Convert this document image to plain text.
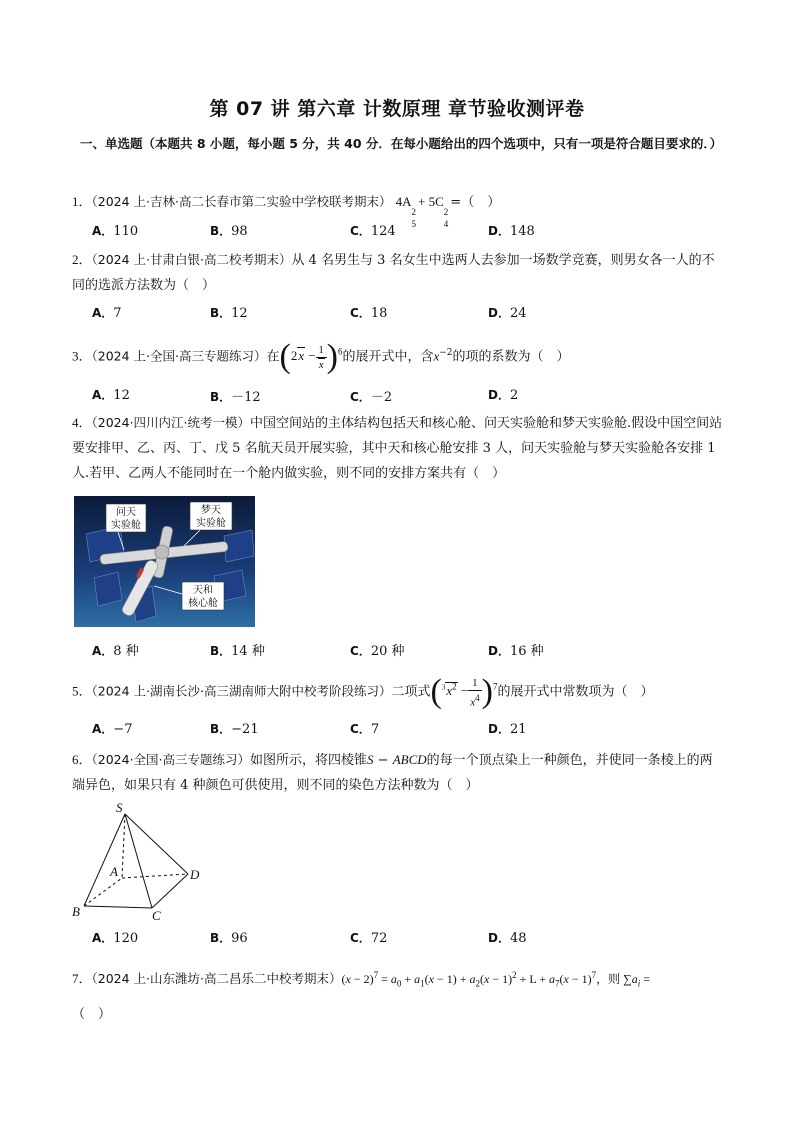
第 07 讲 第六章 计数原理 章节验收测评卷
一、单选题（本题共 8 小题，每小题 5 分，共 40 分．在每小题给出的四个选项中，只有一项是符合题目要求的．）
1．（2024 上·吉林·高二长春市第二实验中学校联考期末） 4A
2
5
+ 5C
2
4
=（　）
A．110	B．98	C．124	D．148
2．（2024 上·甘肃白银·高二校考期末）从 4 名男生与 3 名女生中选两人去参加一场数学竞赛，则男女各一人的不同的选派方法数为（　）
A．7	B．12	C．18	D．24
3．（2024 上·全国·高三专题练习）在$(2x - \frac{1}{x} )^6$的展开式中，含$x^{-2}$的项的系数为（　）
A．12	B．－12	C．－2	D．2
4．（2024·四川内江·统考一模）中国空间站的主体结构包括天和核心舱、问天实验舱和梦天实验舱.假设中国空间站要安排甲、乙、丙、丁、戊 5 名航天员开展实验，其中天和核心舱安排 3 人，问天实验舱与梦天实验舱各安排 1 人.若甲、乙两人不能同时在一个舱内做实验，则不同的安排方案共有（　）
问天
实验舱
梦天
实验舱
天和
核心舱
A．8 种	B．14 种	C．20 种	D．16 种
5．（2024 上·湖南长沙·高三湖南师大附中校考阶段练习）二项式$(^3x^2 - \frac{1}{x^4} )^7$的展开式中常数项为（　）
A．−7	B．−21	C．7	D．21
6．（2024·全国·高三专题练习）如图所示，将四棱锥S − ABCD的每一个顶点染上一种颜色，并使同一条棱上的两端异色，如果只有 4 种颜色可供使用，则不同的染色方法种数为（　）
S
A	D
B	C
A．120	B．96	C．72	D．48
7．（2024 上·山东潍坊·高二昌乐二中校考期末）$(x - 2)^7 = a_0 + a_1(x - 1) + a_2(x - 1)^2 + L + a_7(x - 1)^7$，则 $\sum a_i$ =
（　）
